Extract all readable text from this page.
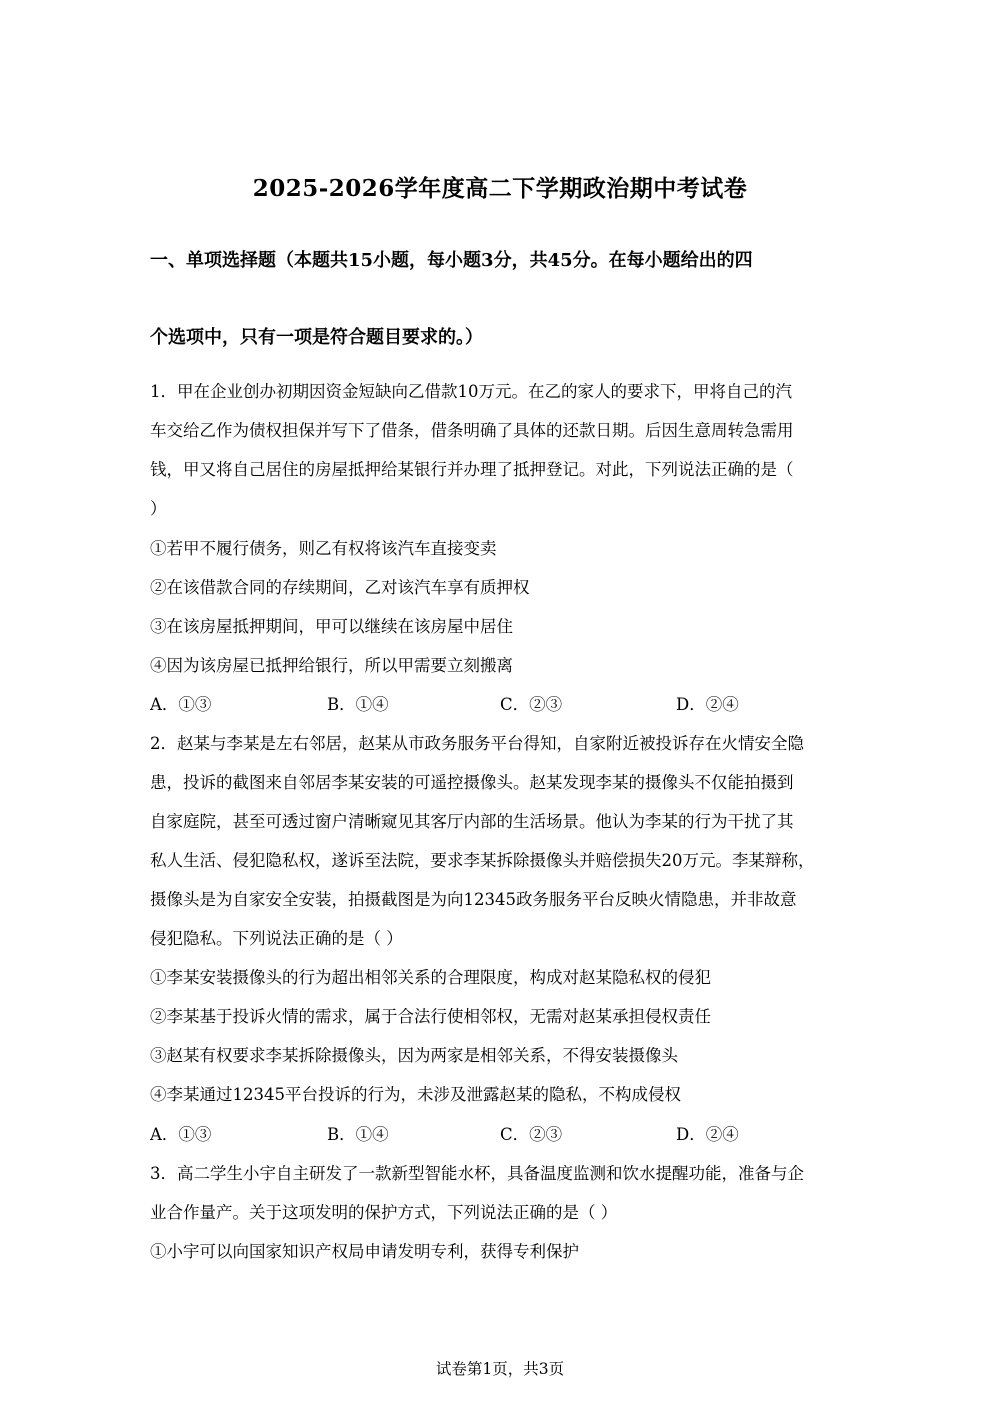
2025-2026学年度高二下学期政治期中考试卷
一、单项选择题（本题共15小题，每小题3分，共45分。在每小题给出的四
个选项中，只有一项是符合题目要求的。）
1．甲在企业创办初期因资金短缺向乙借款10万元。在乙的家人的要求下，甲将自己的汽
车交给乙作为债权担保并写下了借条，借条明确了具体的还款日期。后因生意周转急需用
钱，甲又将自己居住的房屋抵押给某银行并办理了抵押登记。对此，下列说法正确的是（
）
①若甲不履行债务，则乙有权将该汽车直接变卖
②在该借款合同的存续期间，乙对该汽车享有质押权
③在该房屋抵押期间，甲可以继续在该房屋中居住
④因为该房屋已抵押给银行，所以甲需要立刻搬离
A．①③	B．①④	C．②③	D．②④
2．赵某与李某是左右邻居，赵某从市政务服务平台得知，自家附近被投诉存在火情安全隐
患，投诉的截图来自邻居李某安装的可遥控摄像头。赵某发现李某的摄像头不仅能拍摄到
自家庭院，甚至可透过窗户清晰窥见其客厅内部的生活场景。他认为李某的行为干扰了其
私人生活、侵犯隐私权，遂诉至法院，要求李某拆除摄像头并赔偿损失20万元。李某辩称，
摄像头是为自家安全安装，拍摄截图是为向12345政务服务平台反映火情隐患，并非故意
侵犯隐私。下列说法正确的是（ ）
①李某安装摄像头的行为超出相邻关系的合理限度，构成对赵某隐私权的侵犯
②李某基于投诉火情的需求，属于合法行使相邻权，无需对赵某承担侵权责任
③赵某有权要求李某拆除摄像头，因为两家是相邻关系，不得安装摄像头
④李某通过12345平台投诉的行为，未涉及泄露赵某的隐私，不构成侵权
A．①③	B．①④	C．②③	D．②④
3．高二学生小宇自主研发了一款新型智能水杯，具备温度监测和饮水提醒功能，准备与企
业合作量产。关于这项发明的保护方式，下列说法正确的是（ ）
①小宇可以向国家知识产权局申请发明专利，获得专利保护
试卷第1页，共3页
